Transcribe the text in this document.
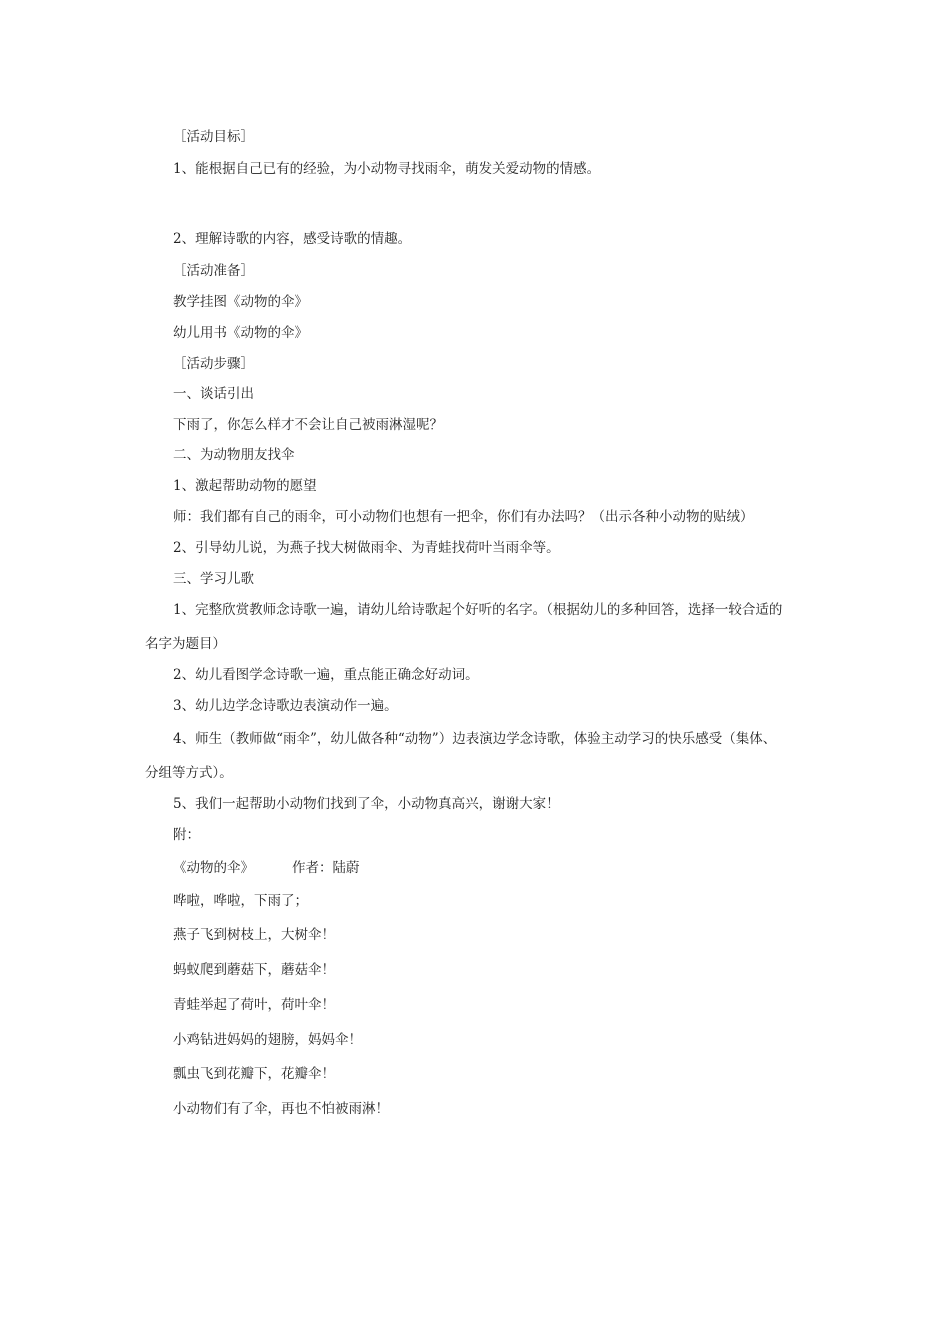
［活动目标］
1、能根据自己已有的经验，为小动物寻找雨伞，萌发关爱动物的情感。
2、理解诗歌的内容，感受诗歌的情趣。
［活动准备］
教学挂图《动物的伞》
幼儿用书《动物的伞》
［活动步骤］
一、谈话引出
下雨了，你怎么样才不会让自己被雨淋湿呢？
二、为动物朋友找伞
1、激起帮助动物的愿望
师：我们都有自己的雨伞，可小动物们也想有一把伞，你们有办法吗？（出示各种小动物的贴绒）
2、引导幼儿说，为燕子找大树做雨伞、为青蛙找荷叶当雨伞等。
三、学习儿歌
1、完整欣赏教师念诗歌一遍，请幼儿给诗歌起个好听的名字。（根据幼儿的多种回答，选择一较合适的
名字为题目）
2、幼儿看图学念诗歌一遍，重点能正确念好动词。
3、幼儿边学念诗歌边表演动作一遍。
4、师生（教师做“雨伞”，幼儿做各种“动物”）边表演边学念诗歌，体验主动学习的快乐感受（集体、
分组等方式）。
5、我们一起帮助小动物们找到了伞，小动物真高兴，谢谢大家！
附：
《动物的伞》	作者：陆蔚
哗啦，哗啦，下雨了；
燕子飞到树枝上，大树伞！
蚂蚁爬到蘑菇下，蘑菇伞！
青蛙举起了荷叶，荷叶伞！
小鸡钻进妈妈的翅膀，妈妈伞！
瓢虫飞到花瓣下，花瓣伞！
小动物们有了伞，再也不怕被雨淋！
